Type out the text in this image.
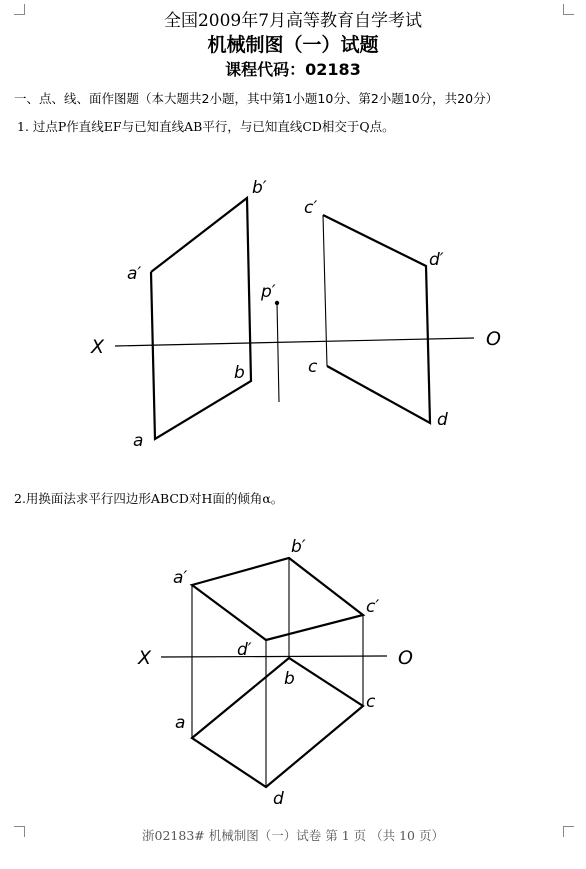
全国2009年7月高等教育自学考试
机械制图（一）试题
课程代码：02183
一、点、线、面作图题（本大题共2小题，其中第1小题10分、第2小题10分，共20分）
1. 过点P作直线EF与已知直线AB平行，与已知直线CD相交于Q点。
b′
c′
a′
d′
p′
X	O
b	c
a
d
2.用换面法求平行四边形ABCD对H面的倾角α。
b′
a′
c′
d′
X	O
b
c
a
d
浙02183# 机械制图（一）试卷 第 1 页 （共 10 页）
